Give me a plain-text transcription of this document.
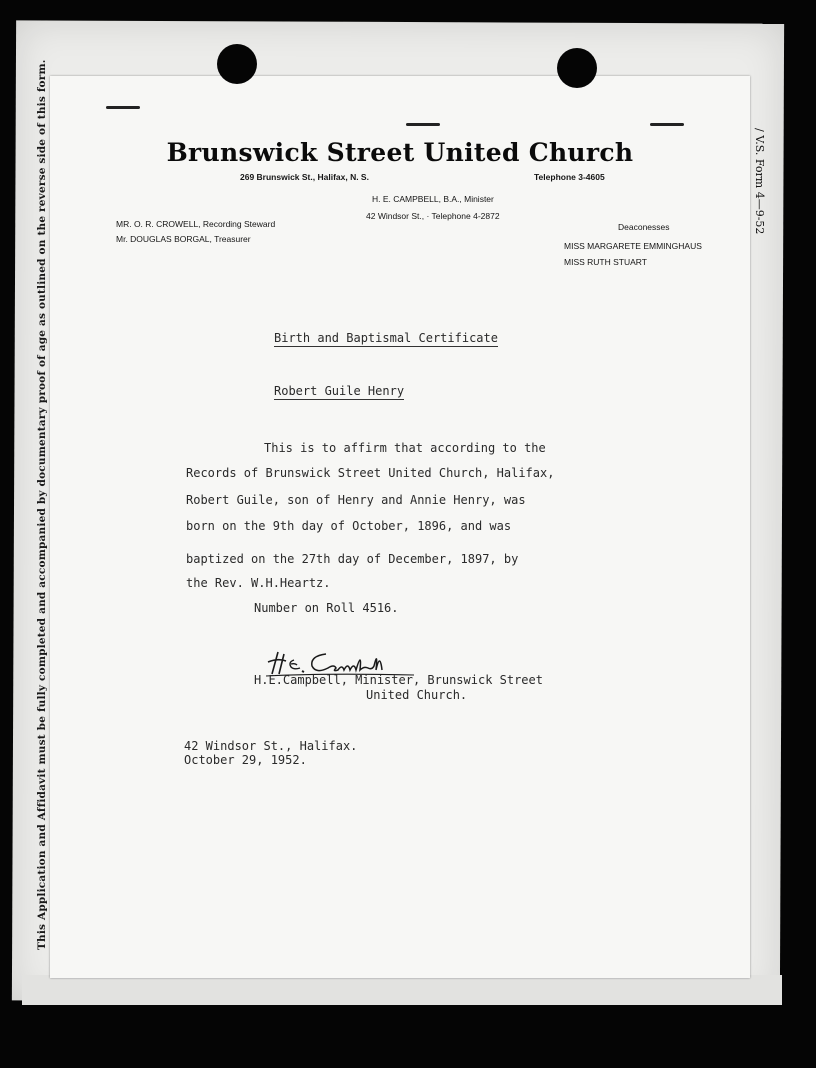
This Application and Affidavit must be fully completed and accompanied by documentary proof of age as outlined on the reverse side of this form.	/ V.S. Form 4—9-52
Brunswick Street United Church
269 Brunswick St., Halifax, N. S.	Telephone 3-4605
H. E. CAMPBELL, B.A., Minister
42 Windsor St., · Telephone 4-2872
MR. O. R. CROWELL, Recording Steward
Mr. DOUGLAS BORGAL, Treasurer
Deaconesses
MISS MARGARETE EMMINGHAUS
MISS RUTH STUART
Birth and Baptismal Certificate
Robert Guile Henry
This is to affirm that according to the
Records of Brunswick Street United Church, Halifax,
Robert Guile, son of Henry and Annie Henry, was
born on the 9th day of October, 1896, and was
baptized on the 27th day of December, 1897, by
the Rev. W.H.Heartz.
Number on Roll 4516.
H.E.Campbell, Minister, Brunswick Street
United Church.
42 Windsor St., Halifax.
October 29, 1952.
